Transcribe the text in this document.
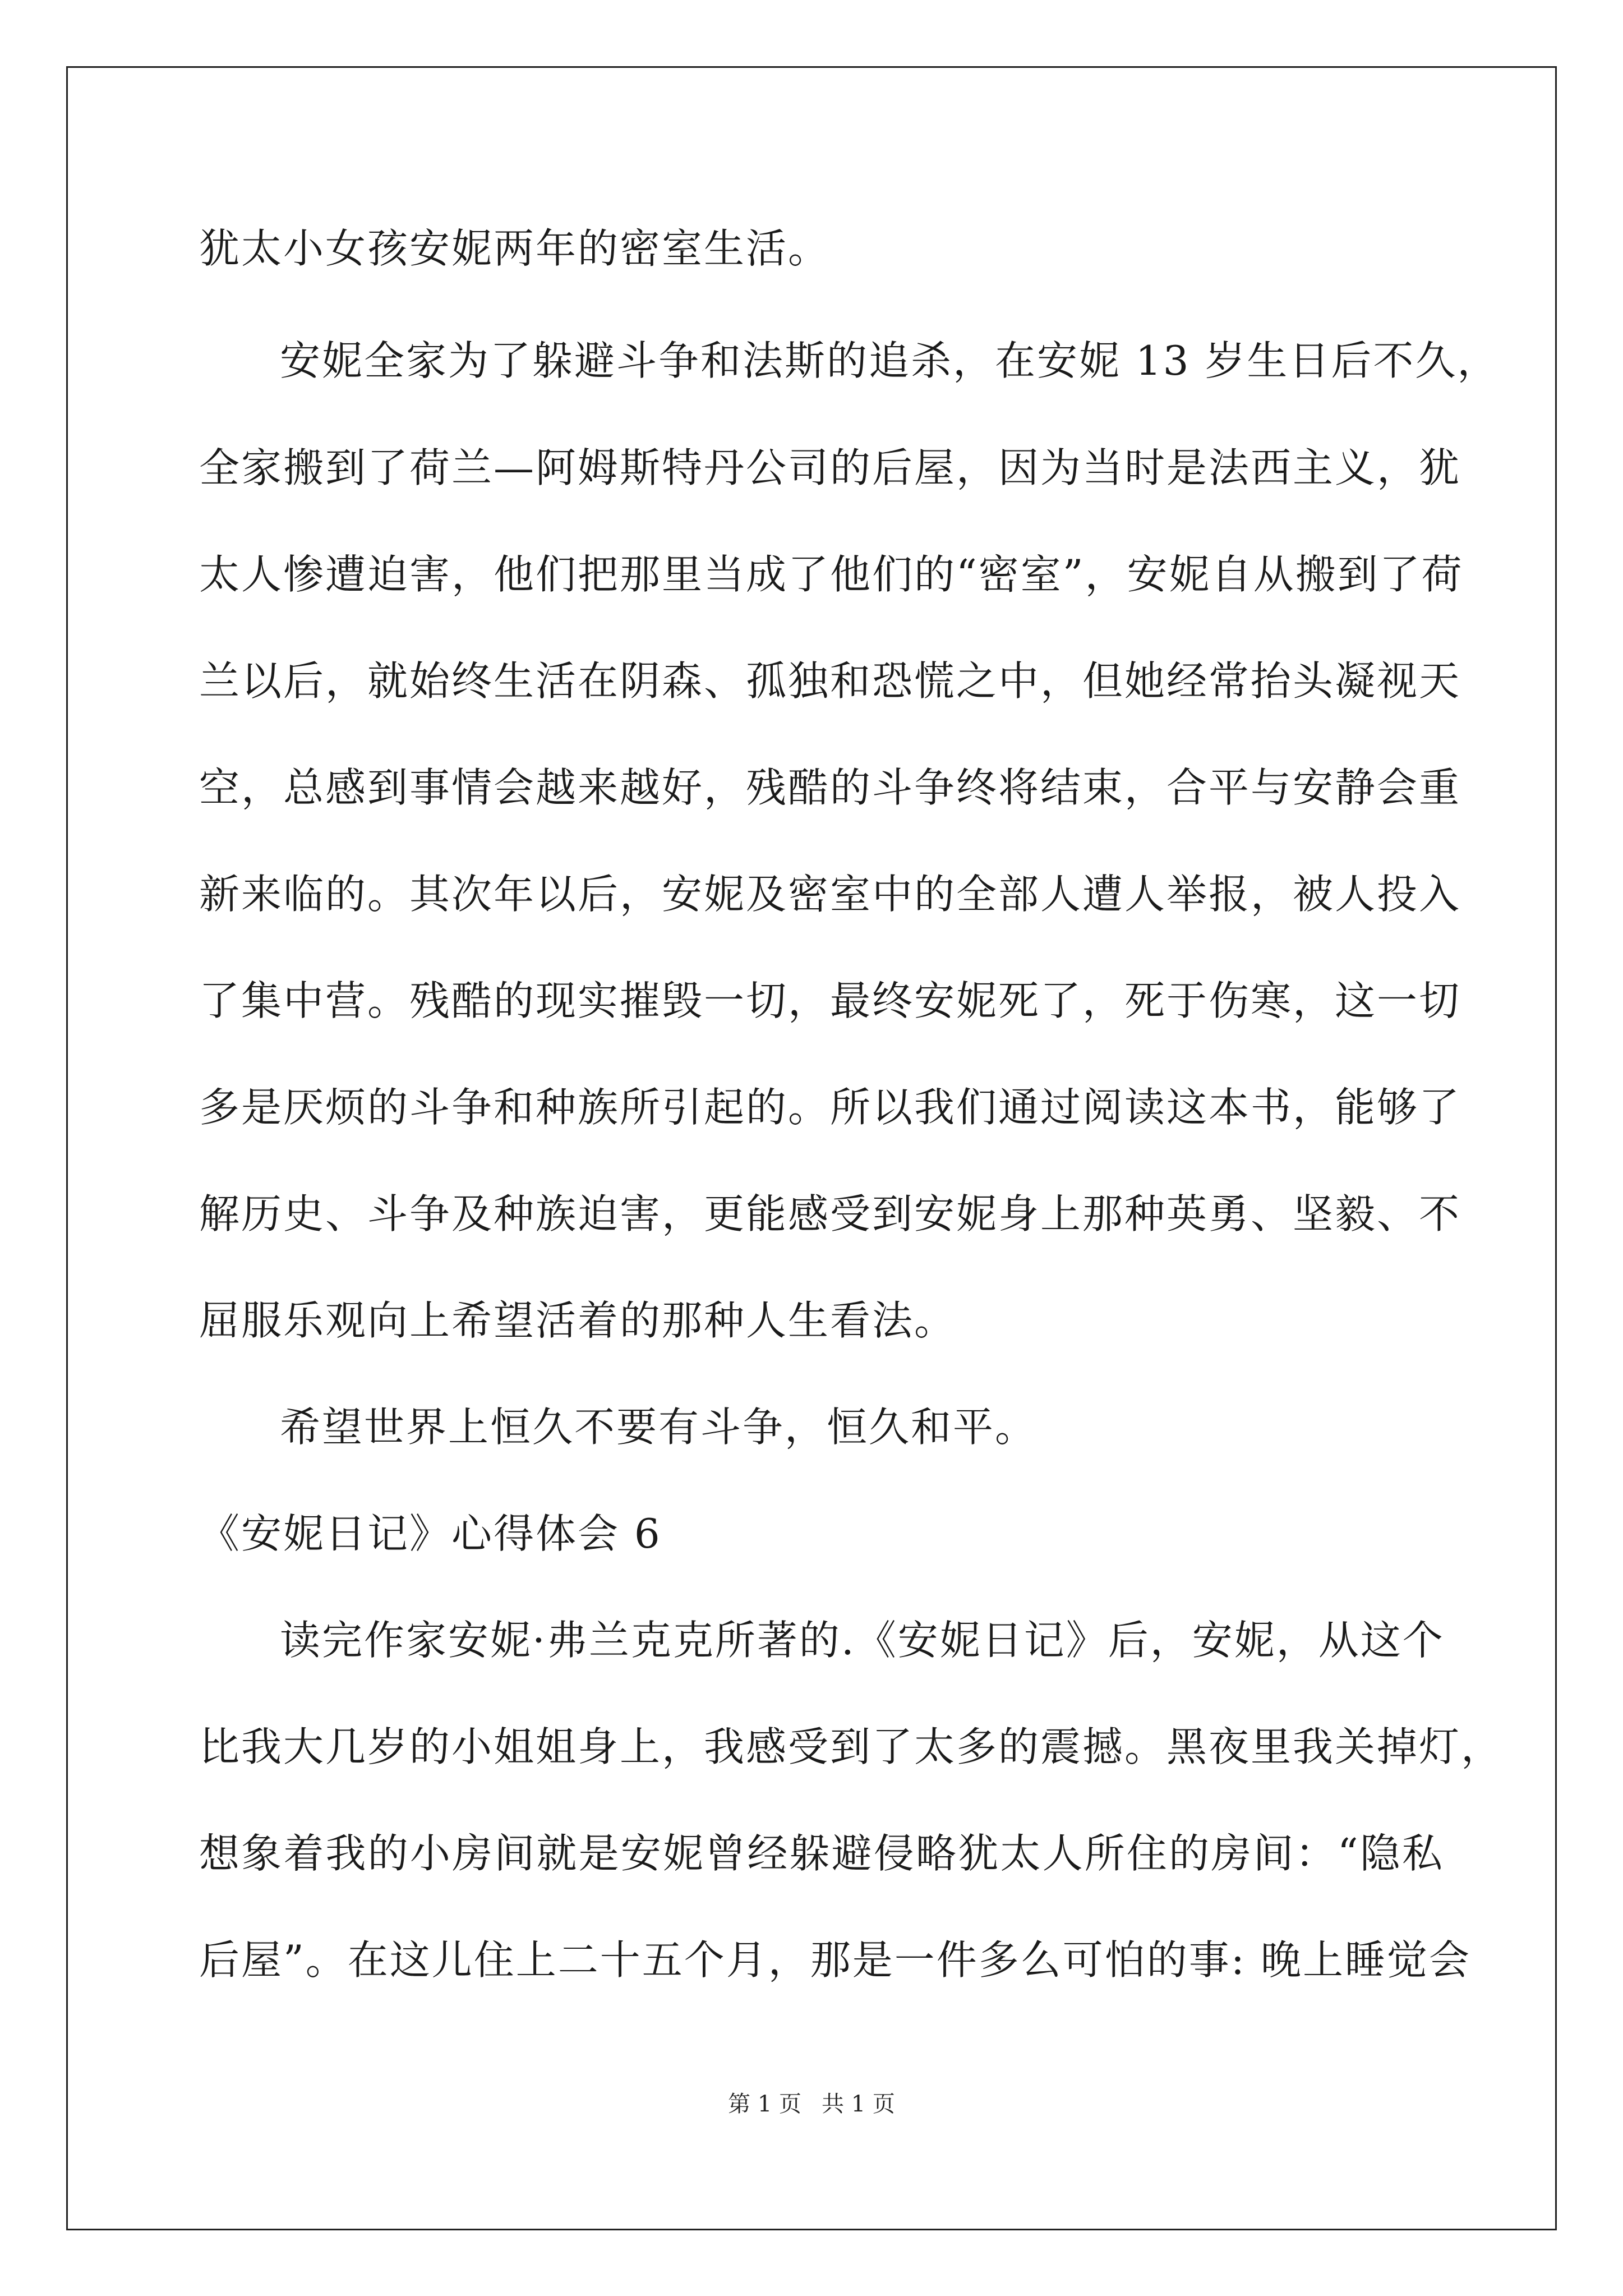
犹太小女孩安妮两年的密室生活。
安妮全家为了躲避斗争和法斯的追杀，在安妮 13 岁生日后不久，
全家搬到了荷兰—阿姆斯特丹公司的后屋，因为当时是法西主义，犹
太人惨遭迫害，他们把那里当成了他们的“密室”，安妮自从搬到了荷
兰以后，就始终生活在阴森、孤独和恐慌之中，但她经常抬头凝视天
空，总感到事情会越来越好，残酷的斗争终将结束，合平与安静会重
新来临的。其次年以后，安妮及密室中的全部人遭人举报，被人投入
了集中营。残酷的现实摧毁一切，最终安妮死了，死于伤寒，这一切
多是厌烦的斗争和种族所引起的。所以我们通过阅读这本书，能够了
解历史、斗争及种族迫害，更能感受到安妮身上那种英勇、坚毅、不
屈服乐观向上希望活着的那种人生看法。
希望世界上恒久不要有斗争，恒久和平。
《安妮日记》心得体会 6
读完作家安妮·弗兰克克所著的.《安妮日记》后，安妮，从这个
比我大几岁的小姐姐身上，我感受到了太多的震撼。黑夜里我关掉灯，
想象着我的小房间就是安妮曾经躲避侵略犹太人所住的房间：“隐私
后屋”。在这儿住上二十五个月，那是一件多么可怕的事: 晚上睡觉会
第 1 页 共 1 页
